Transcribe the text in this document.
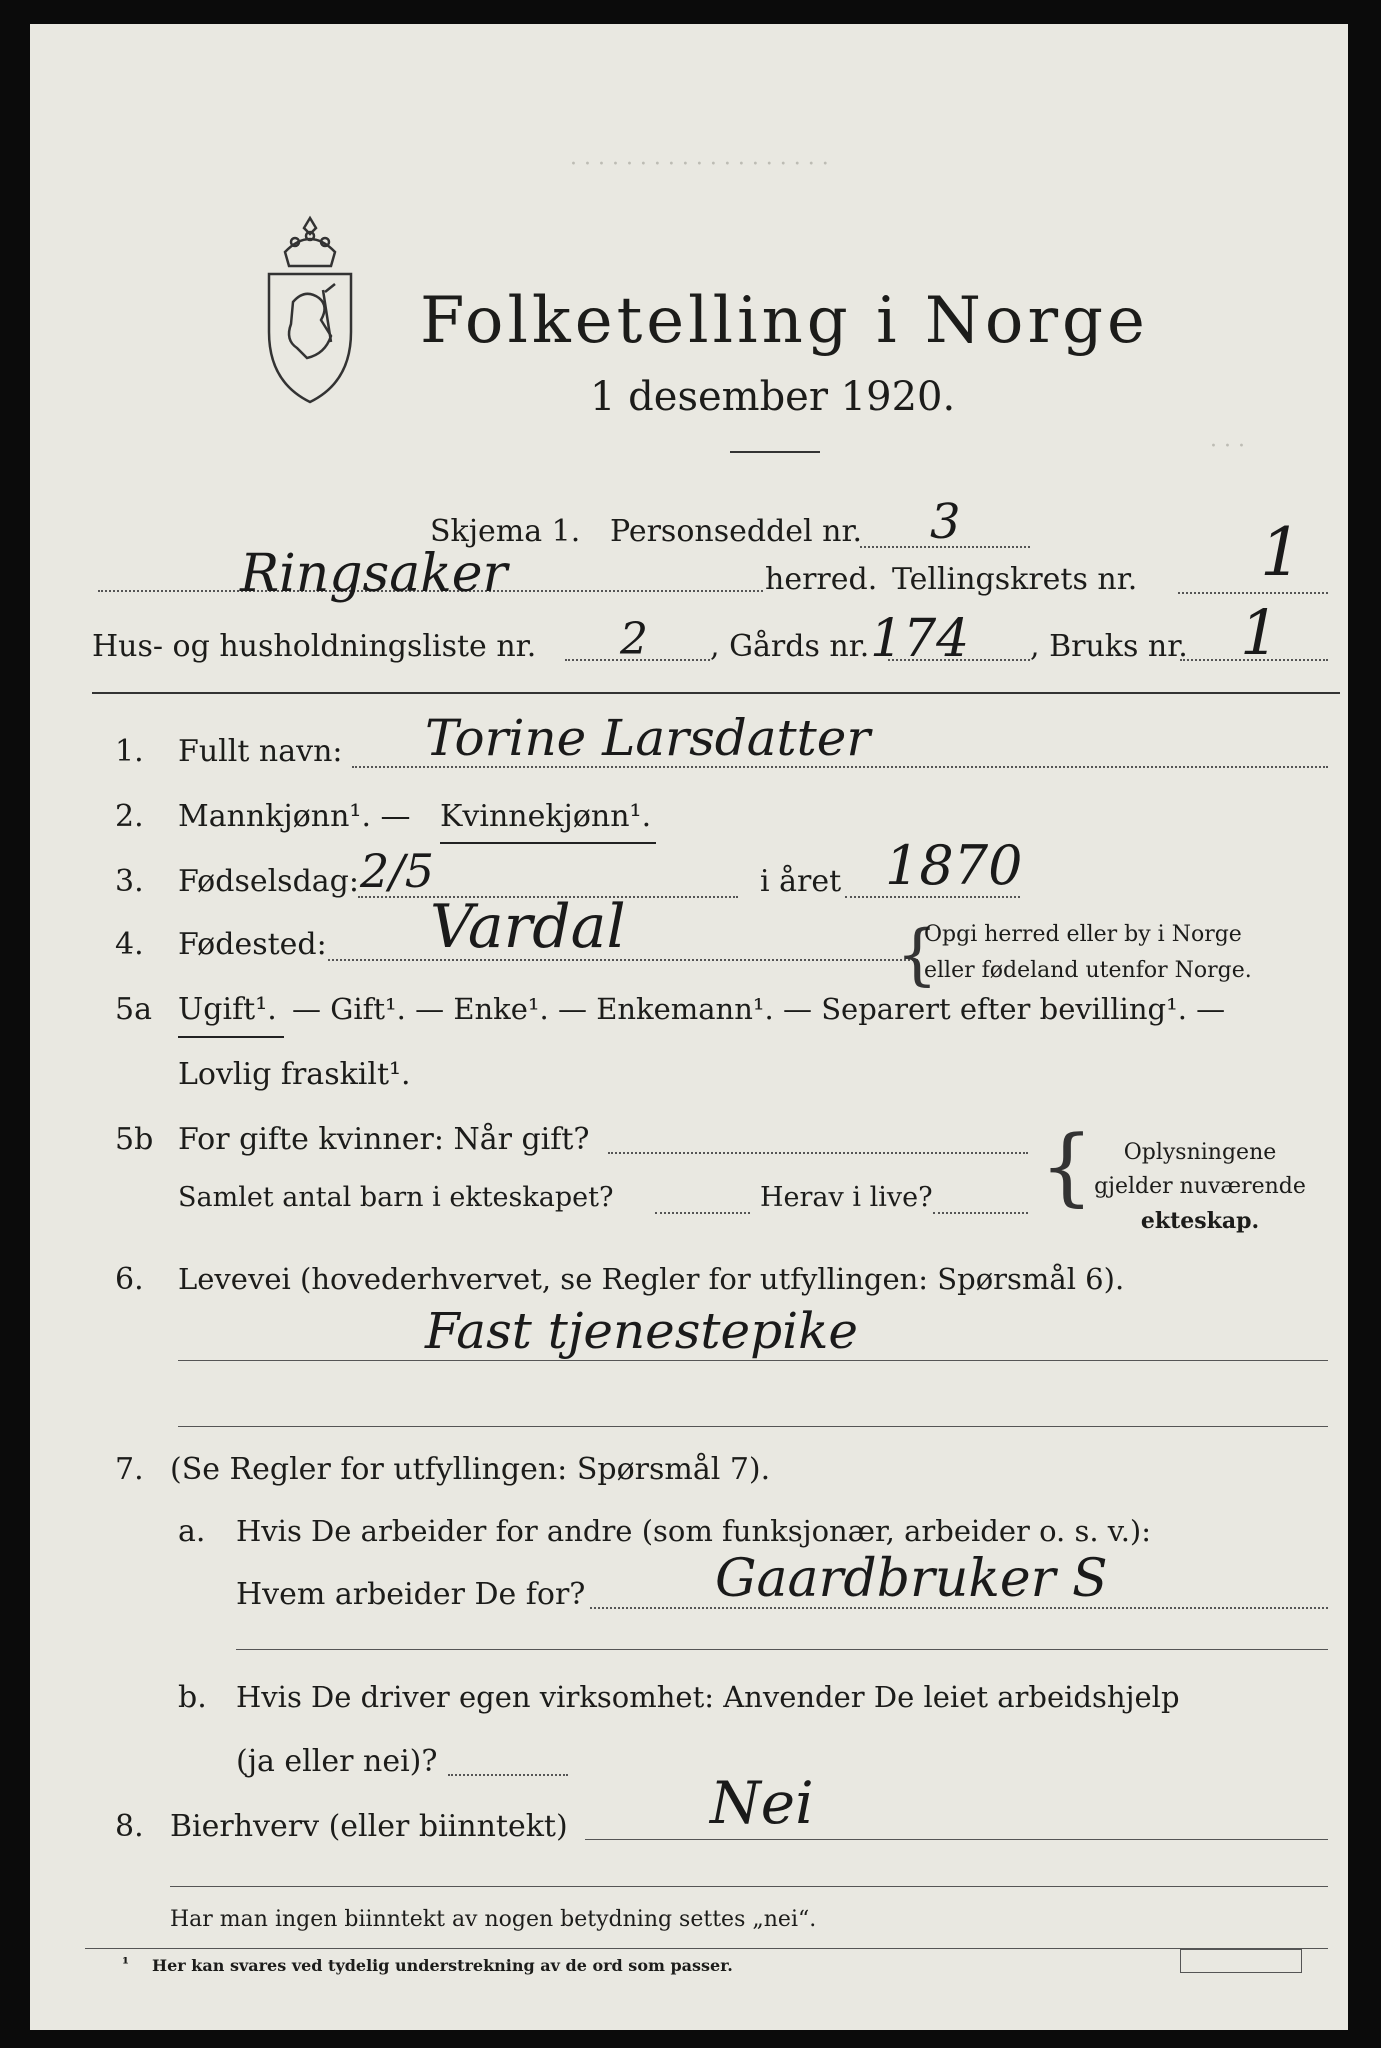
· · · · · · · · · · · · · · · · · · ·
· · ·
Folketelling i Norge
1 desember 1920.
Skjema 1. Personseddel nr. 3
Ringsaker	herred. Tellingskrets nr. 1
Hus- og husholdningsliste nr. 2 , Gårds nr. 174 , Bruks nr. 1
1. Fullt navn: Torine Larsdatter
2. Mannkjønn¹. — Kvinnekjønn¹.
3. Fødselsdag: 2/5	i året 1870
4. Fødested: Vardal	{
Opgi herred eller by i Norge
eller fødeland utenfor Norge.
5a Ugift¹. — Gift¹. — Enke¹. — Enkemann¹. — Separert efter bevilling¹. —
Lovlig fraskilt¹.
5b For gifte kvinner: Når gift?
Samlet antal barn i ekteskapet?	Herav i live? {	Oplysningene
gjelder nuværende
ekteskap.
6. Levevei (hovederhvervet, se Regler for utfyllingen: Spørsmål 6).
Fast tjenestepike
7. (Se Regler for utfyllingen: Spørsmål 7).
a. Hvis De arbeider for andre (som funksjonær, arbeider o. s. v.):
Hvem arbeider De for? Gaardbruker S
b. Hvis De driver egen virksomhet: Anvender De leiet arbeidshjelp
(ja eller nei)?
8. Bierhverv (eller biinntekt) Nei
Har man ingen biinntekt av nogen betydning settes „nei“.
¹ Her kan svares ved tydelig understrekning av de ord som passer.
